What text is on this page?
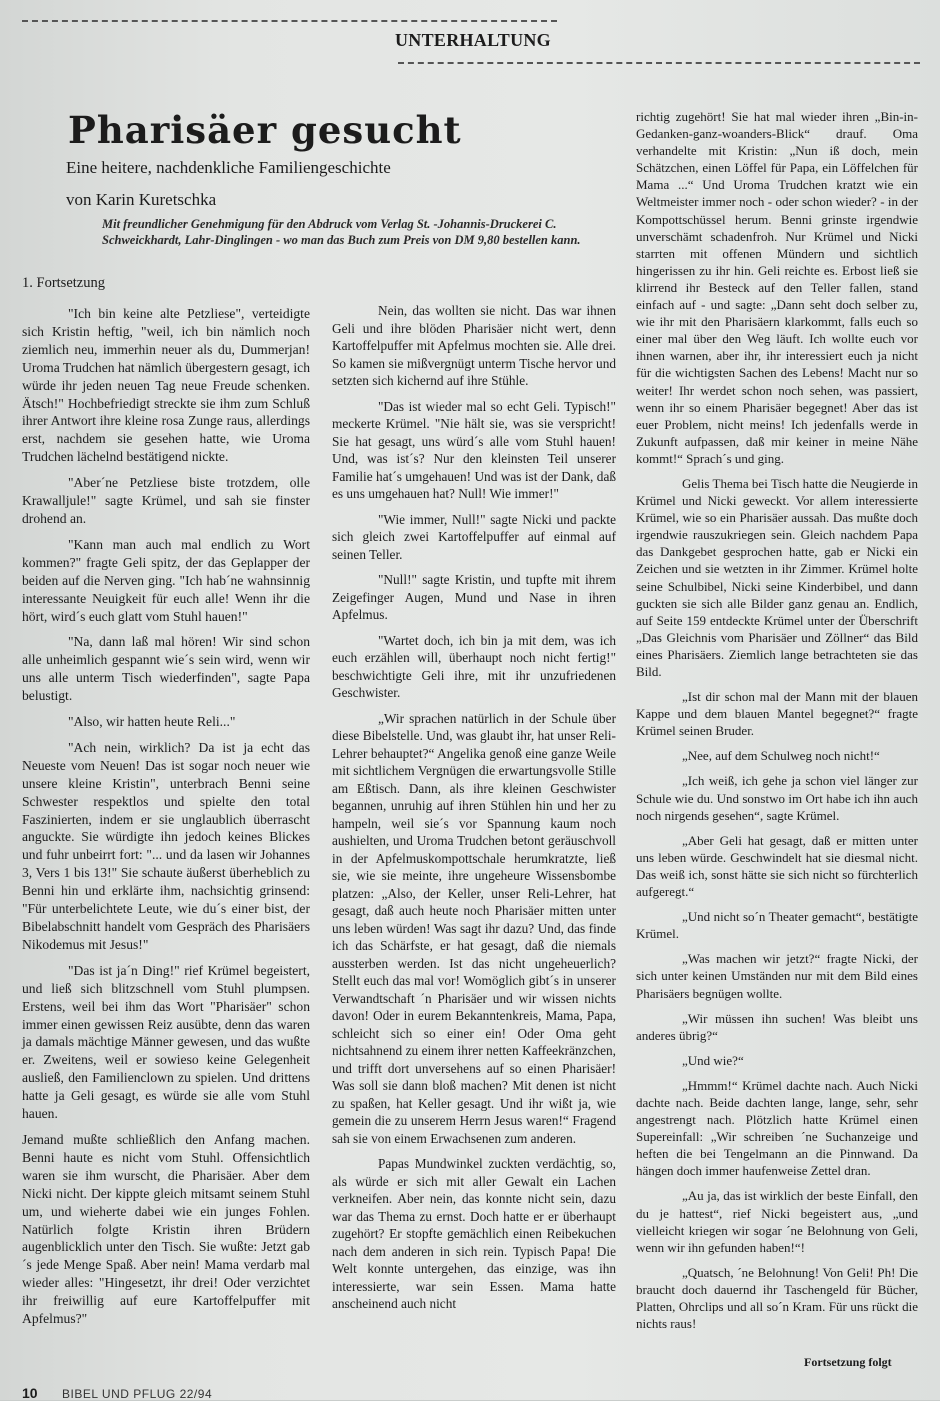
UNTERHALTUNG
Pharisäer gesucht
Eine heitere, nachdenkliche Familiengeschichte
von Karin Kuretschka
Mit freundlicher Genehmigung für den Abdruck vom Verlag St. -Johannis-Druckerei C. Schweickhardt, Lahr-Dinglingen - wo man das Buch zum Preis von DM 9,80 bestellen kann.
1. Fortsetzung

"Ich bin keine alte Petzliese", verteidigte sich Kristin heftig, "weil, ich bin nämlich noch ziemlich neu, immerhin neuer als du, Dummerjan! Uroma Trudchen hat nämlich übergestern gesagt, ich würde ihr jeden neuen Tag neue Freude schenken. Ätsch!" Hochbefriedigt streckte sie ihm zum Schluß ihrer Antwort ihre kleine rosa Zunge raus, allerdings erst, nachdem sie gesehen hatte, wie Uroma Trudchen lächelnd bestätigend nickte.

"Aber´ne Petzliese biste trotzdem, olle Krawalljule!" sagte Krümel, und sah sie finster drohend an.

"Kann man auch mal endlich zu Wort kommen?" fragte Geli spitz, der das Geplapper der beiden auf die Nerven ging. "Ich hab´ne wahnsinnig interessante Neuigkeit für euch alle! Wenn ihr die hört, wird´s euch glatt vom Stuhl hauen!"

"Na, dann laß mal hören! Wir sind schon alle unheimlich gespannt wie´s sein wird, wenn wir uns alle unterm Tisch wiederfinden", sagte Papa belustigt.

"Also, wir hatten heute Reli..."

"Ach nein, wirklich? Da ist ja echt das Neueste vom Neuen! Das ist sogar noch neuer wie unsere kleine Kristin", unterbrach Benni seine Schwester respektlos und spielte den total Faszinierten, indem er sie unglaublich überrascht anguckte. Sie würdigte ihn jedoch keines Blickes und fuhr unbeirrt fort: "... und da lasen wir Johannes 3, Vers 1 bis 13!" Sie schaute äußerst überheblich zu Benni hin und erklärte ihm, nachsichtig grinsend: "Für unterbelichtete Leute, wie du´s einer bist, der Bibelabschnitt handelt vom Gespräch des Pharisäers Nikodemus mit Jesus!"

"Das ist ja´n Ding!" rief Krümel begeistert, und ließ sich blitzschnell vom Stuhl plumpsen. Erstens, weil bei ihm das Wort "Pharisäer" schon immer einen gewissen Reiz ausübte, denn das waren ja damals mächtige Männer gewesen, und das wußte er. Zweitens, weil er sowieso keine Gelegenheit ausließ, den Familienclown zu spielen. Und drittens hatte ja Geli gesagt, es würde sie alle vom Stuhl hauen.

Jemand mußte schließlich den Anfang machen. Benni haute es nicht vom Stuhl. Offensichtlich waren sie ihm wurscht, die Pharisäer. Aber dem Nicki nicht. Der kippte gleich mitsamt seinem Stuhl um, und wieherte dabei wie ein junges Fohlen. Natürlich folgte Kristin ihren Brüdern augenblicklich unter den Tisch. Sie wußte: Jetzt gab´s jede Menge Spaß. Aber nein! Mama verdarb mal wieder alles: "Hingesetzt, ihr drei! Oder verzichtet ihr freiwillig auf eure Kartoffelpuffer mit Apfelmus?"

Nein, das wollten sie nicht. Das war ihnen Geli und ihre blöden Pharisäer nicht wert, denn Kartoffelpuffer mit Apfelmus mochten sie. Alle drei. So kamen sie mißvergnügt unterm Tische hervor und setzten sich kichernd auf ihre Stühle.

"Das ist wieder mal so echt Geli. Typisch!" meckerte Krümel. "Nie hält sie, was sie verspricht! Sie hat gesagt, uns würd´s alle vom Stuhl hauen! Und, was ist´s? Nur den kleinsten Teil unserer Familie hat´s umgehauen! Und was ist der Dank, daß es uns umgehauen hat? Null! Wie immer!"

"Wie immer, Null!" sagte Nicki und packte sich gleich zwei Kartoffelpuffer auf einmal auf seinen Teller.

"Null!" sagte Kristin, und tupfte mit ihrem Zeigefinger Augen, Mund und Nase in ihren Apfelmus.

"Wartet doch, ich bin ja mit dem, was ich euch erzählen will, überhaupt noch nicht fertig!" beschwichtigte Geli ihre, mit ihr unzufriedenen Geschwister.

„Wir sprachen natürlich in der Schule über diese Bibelstelle. Und, was glaubt ihr, hat unser Reli-Lehrer behauptet?“ Angelika genoß eine ganze Weile mit sichtlichem Vergnügen die erwartungsvolle Stille am Eßtisch. Dann, als ihre kleinen Geschwister begannen, unruhig auf ihren Stühlen hin und her zu hampeln, weil sie´s vor Spannung kaum noch aushielten, und Uroma Trudchen betont geräuschvoll in der Apfelmuskompottschale herumkratzte, ließ sie, wie sie meinte, ihre ungeheure Wissensbombe platzen: „Also, der Keller, unser Reli-Lehrer, hat gesagt, daß auch heute noch Pharisäer mitten unter uns leben würden! Was sagt ihr dazu? Und, das finde ich das Schärfste, er hat gesagt, daß die niemals aussterben werden. Ist das nicht ungeheuerlich? Stellt euch das mal vor! Womöglich gibt´s in unserer Verwandtschaft ´n Pharisäer und wir wissen nichts davon! Oder in eurem Bekanntenkreis, Mama, Papa, schleicht sich so einer ein! Oder Oma geht nichtsahnend zu einem ihrer netten Kaffeekränzchen, und trifft dort unversehens auf so einen Pharisäer! Was soll sie dann bloß machen? Mit denen ist nicht zu spaßen, hat Keller gesagt. Und ihr wißt ja, wie gemein die zu unserem Herrn Jesus waren!“ Fragend sah sie von einem Erwachsenen zum anderen.

Papas Mundwinkel zuckten verdächtig, so, als würde er sich mit aller Gewalt ein Lachen verkneifen. Aber nein, das konnte nicht sein, dazu war das Thema zu ernst. Doch hatte er er überhaupt zugehört? Er stopfte gemächlich einen Reibekuchen nach dem anderen in sich rein. Typisch Papa! Die Welt konnte untergehen, das einzige, was ihn interessierte, war sein Essen. Mama hatte anscheinend auch nicht

richtig zugehört! Sie hat mal wieder ihren „Bin-in-Gedanken-ganz-woanders-Blick“ drauf. Oma verhandelte mit Kristin: „Nun iß doch, mein Schätzchen, einen Löffel für Papa, ein Löffelchen für Mama ...“ Und Uroma Trudchen kratzt wie ein Weltmeister immer noch - oder schon wieder? - in der Kompottschüssel herum. Benni grinste irgendwie unverschämt schadenfroh. Nur Krümel und Nicki starrten mit offenen Mündern und sichtlich hingerissen zu ihr hin. Geli reichte es. Erbost ließ sie klirrend ihr Besteck auf den Teller fallen, stand einfach auf - und sagte: „Dann seht doch selber zu, wie ihr mit den Pharisäern klarkommt, falls euch so einer mal über den Weg läuft. Ich wollte euch vor ihnen warnen, aber ihr, ihr interessiert euch ja nicht für die wichtigsten Sachen des Lebens! Macht nur so weiter! Ihr werdet schon noch sehen, was passiert, wenn ihr so einem Pharisäer begegnet! Aber das ist euer Problem, nicht meins! Ich jedenfalls werde in Zukunft aufpassen, daß mir keiner in meine Nähe kommt!“ Sprach´s und ging.

Gelis Thema bei Tisch hatte die Neugierde in Krümel und Nicki geweckt. Vor allem interessierte Krümel, wie so ein Pharisäer aussah. Das mußte doch irgendwie rauszukriegen sein. Gleich nachdem Papa das Dankgebet gesprochen hatte, gab er Nicki ein Zeichen und sie wetzten in ihr Zimmer. Krümel holte seine Schulbibel, Nicki seine Kinderbibel, und dann guckten sie sich alle Bilder ganz genau an. Endlich, auf Seite 159 entdeckte Krümel unter der Überschrift „Das Gleichnis vom Pharisäer und Zöllner“ das Bild eines Pharisäers. Ziemlich lange betrachteten sie das Bild.

„Ist dir schon mal der Mann mit der blauen Kappe und dem blauen Mantel begegnet?“ fragte Krümel seinen Bruder.

„Nee, auf dem Schulweg noch nicht!“

„Ich weiß, ich gehe ja schon viel länger zur Schule wie du. Und sonstwo im Ort habe ich ihn auch noch nirgends gesehen“, sagte Krümel.

„Aber Geli hat gesagt, daß er mitten unter uns leben würde. Geschwindelt hat sie diesmal nicht. Das weiß ich, sonst hätte sie sich nicht so fürchterlich aufgeregt.“

„Und nicht so´n Theater gemacht“, bestätigte Krümel.

„Was machen wir jetzt?“ fragte Nicki, der sich unter keinen Umständen nur mit dem Bild eines Pharisäers begnügen wollte.

„Wir müssen ihn suchen! Was bleibt uns anderes übrig?“

„Und wie?“

„Hmmm!“ Krümel dachte nach. Auch Nicki dachte nach. Beide dachten lange, lange, sehr, sehr angestrengt nach. Plötzlich hatte Krümel einen Supereinfall: „Wir schreiben ´ne Suchanzeige und heften die bei Tengelmann an die Pinnwand. Da hängen doch immer haufenweise Zettel dran.

„Au ja, das ist wirklich der beste Einfall, den du je hattest“, rief Nicki begeistert aus, „und vielleicht kriegen wir sogar ´ne Belohnung von Geli, wenn wir ihn gefunden haben!“!

„Quatsch, ´ne Belohnung! Von Geli! Ph! Die braucht doch dauernd ihr Taschengeld für Bücher, Platten, Ohrclips und all so´n Kram. Für uns rückt die nichts raus!

Fortsetzung folgt
10 BIBEL UND PFLUG 22/94
